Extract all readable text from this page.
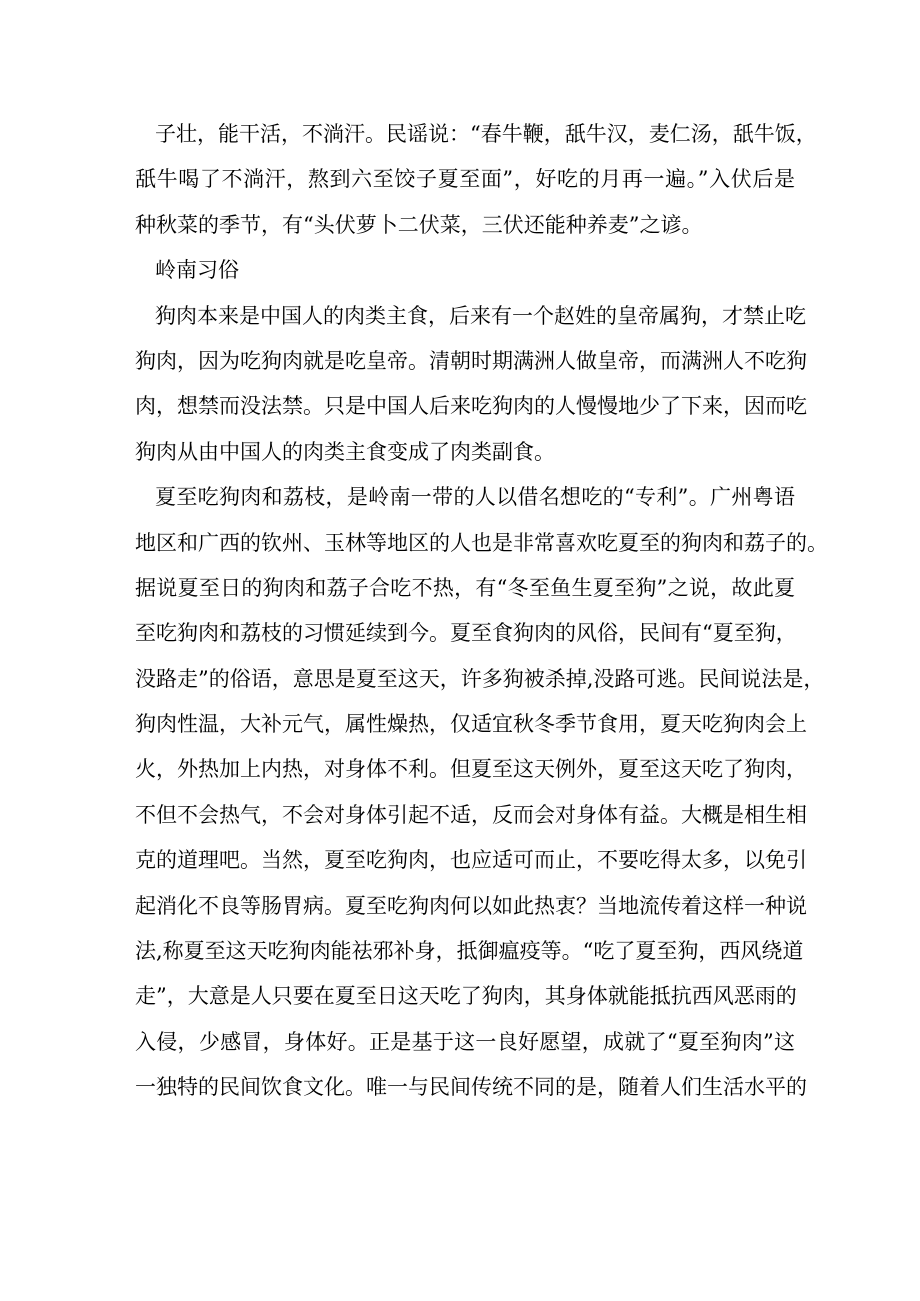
子壮，能干活，不淌汗。民谣说：“春牛鞭，舐牛汉，麦仁汤，舐牛饭，
舐牛喝了不淌汗，熬到六至饺子夏至面”，好吃的月再一遍。”入伏后是
种秋菜的季节，有“头伏萝卜二伏菜，三伏还能种养麦”之谚。
岭南习俗
狗肉本来是中国人的肉类主食，后来有一个赵姓的皇帝属狗，才禁止吃
狗肉，因为吃狗肉就是吃皇帝。清朝时期满洲人做皇帝，而满洲人不吃狗
肉，想禁而没法禁。只是中国人后来吃狗肉的人慢慢地少了下来，因而吃
狗肉从由中国人的肉类主食变成了肉类副食。
夏至吃狗肉和荔枝，是岭南一带的人以借名想吃的“专利”。广州粤语
地区和广西的钦州、玉林等地区的人也是非常喜欢吃夏至的狗肉和荔子的。
据说夏至日的狗肉和荔子合吃不热，有“冬至鱼生夏至狗”之说，故此夏
至吃狗肉和荔枝的习惯延续到今。夏至食狗肉的风俗，民间有“夏至狗，
没路走”的俗语，意思是夏至这天，许多狗被杀掉,没路可逃。民间说法是，
狗肉性温，大补元气，属性燥热，仅适宜秋冬季节食用，夏天吃狗肉会上
火，外热加上内热，对身体不利。但夏至这天例外，夏至这天吃了狗肉，
不但不会热气，不会对身体引起不适，反而会对身体有益。大概是相生相
克的道理吧。当然，夏至吃狗肉，也应适可而止，不要吃得太多，以免引
起消化不良等肠胃病。夏至吃狗肉何以如此热衷？当地流传着这样一种说
法,称夏至这天吃狗肉能祛邪补身，抵御瘟疫等。“吃了夏至狗，西风绕道
走”，大意是人只要在夏至日这天吃了狗肉，其身体就能抵抗西风恶雨的
入侵，少感冒，身体好。正是基于这一良好愿望，成就了“夏至狗肉”这
一独特的民间饮食文化。唯一与民间传统不同的是，随着人们生活水平的
